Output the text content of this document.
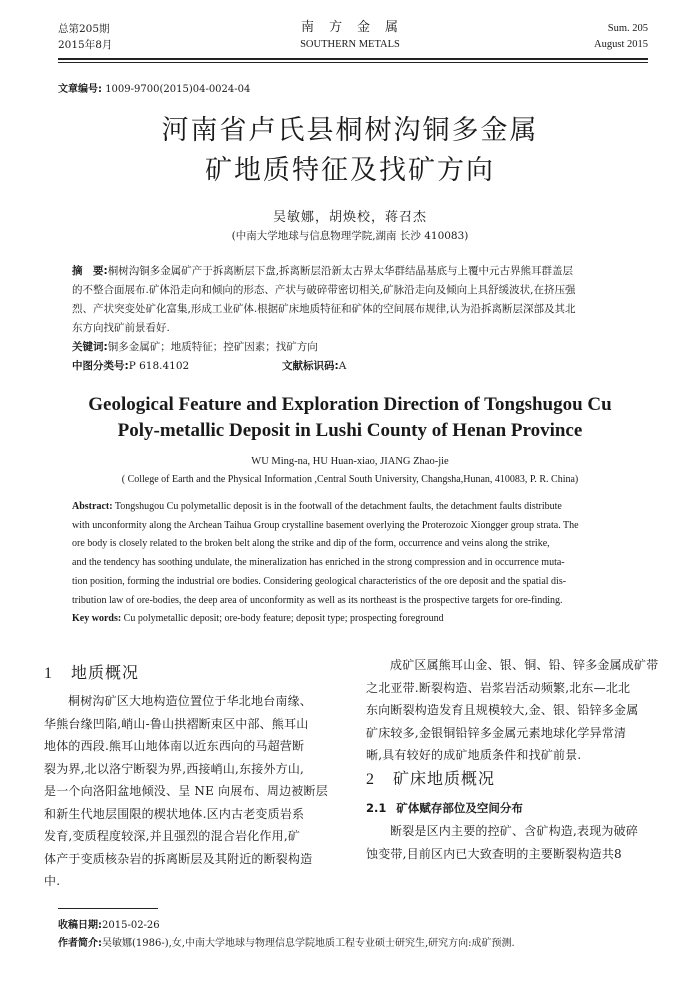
总第205期
2015年8月
南　方　金　属
SOUTHERN METALS
Sum. 205
August 2015
文章编号: 1009-9700(2015)04-0024-04
河南省卢氏县桐树沟铜多金属
矿地质特征及找矿方向
吴敏娜，胡焕校，蒋召杰
(中南大学地球与信息物理学院,湖南 长沙 410083)
摘　要:桐树沟铜多金属矿产于拆离断层下盘,拆离断层沿新太古界太华群结晶基底与上覆中元古界熊耳群盖层
的不整合面展布.矿体沿走向和倾向的形态、产状与破碎带密切相关,矿脉沿走向及倾向上具舒缓波状,在挤压强
烈、产状突变处矿化富集,形成工业矿体.根据矿床地质特征和矿体的空间展布规律,认为沿拆离断层深部及其北
东方向找矿前景看好.
关键词:铜多金属矿；地质特征；控矿因素；找矿方向
中图分类号:P 618.4102	文献标识码:A
Geological Feature and Exploration Direction of Tongshugou Cu
Poly-metallic Deposit in Lushi County of Henan Province
WU Ming-na, HU Huan-xiao, JIANG Zhao-jie
( College of Earth and the Physical Information ,Central South University, Changsha,Hunan, 410083, P. R. China)
Abstract: Tongshugou Cu polymetallic deposit is in the footwall of the detachment faults, the detachment faults distribute
with unconformity along the Archean Taihua Group crystalline basement overlying the Proterozoic Xiongger group strata. The
ore body is closely related to the broken belt along the strike and dip of the form, occurrence and veins along the strike,
and the tendency has soothing undulate, the mineralization has enriched in the strong compression and in occurrence muta-
tion position, forming the industrial ore bodies. Considering geological characteristics of the ore deposit and the spatial dis-
tribution law of ore-bodies, the deep area of unconformity as well as its northeast is the prospective targets for ore-finding.
Key words: Cu polymetallic deposit; ore-body feature; deposit type; prospecting foreground
1 地质概况
桐树沟矿区大地构造位置位于华北地台南缘、
华熊台缘凹陷,峭山-鲁山拱褶断束区中部、熊耳山
地体的西段.熊耳山地体南以近东西向的马超营断
裂为界,北以洛宁断裂为界,西接峭山,东接外方山,
是一个向洛阳盆地倾没、呈 NE 向展布、周边被断层
和新生代地层围限的楔状地体.区内古老变质岩系
发育,变质程度较深,并且强烈的混合岩化作用,矿
体产于变质核杂岩的拆离断层及其附近的断裂构造
中.
成矿区属熊耳山金、银、铜、铅、锌多金属成矿带
之北亚带.断裂构造、岩浆岩活动频繁,北东—北北
东向断裂构造发育且规模较大,金、银、铅锌多金属
矿床较多,金银铜铅锌多金属元素地球化学异常清
晰,具有较好的成矿地质条件和找矿前景.
2 矿床地质概况
2.1 矿体赋存部位及空间分布
断裂是区内主要的控矿、含矿构造,表现为破碎
蚀变带,目前区内已大致查明的主要断裂构造共8
收稿日期:2015-02-26
作者简介:吴敏娜(1986-),女,中南大学地球与物理信息学院地质工程专业硕士研究生,研究方向:成矿预测.
